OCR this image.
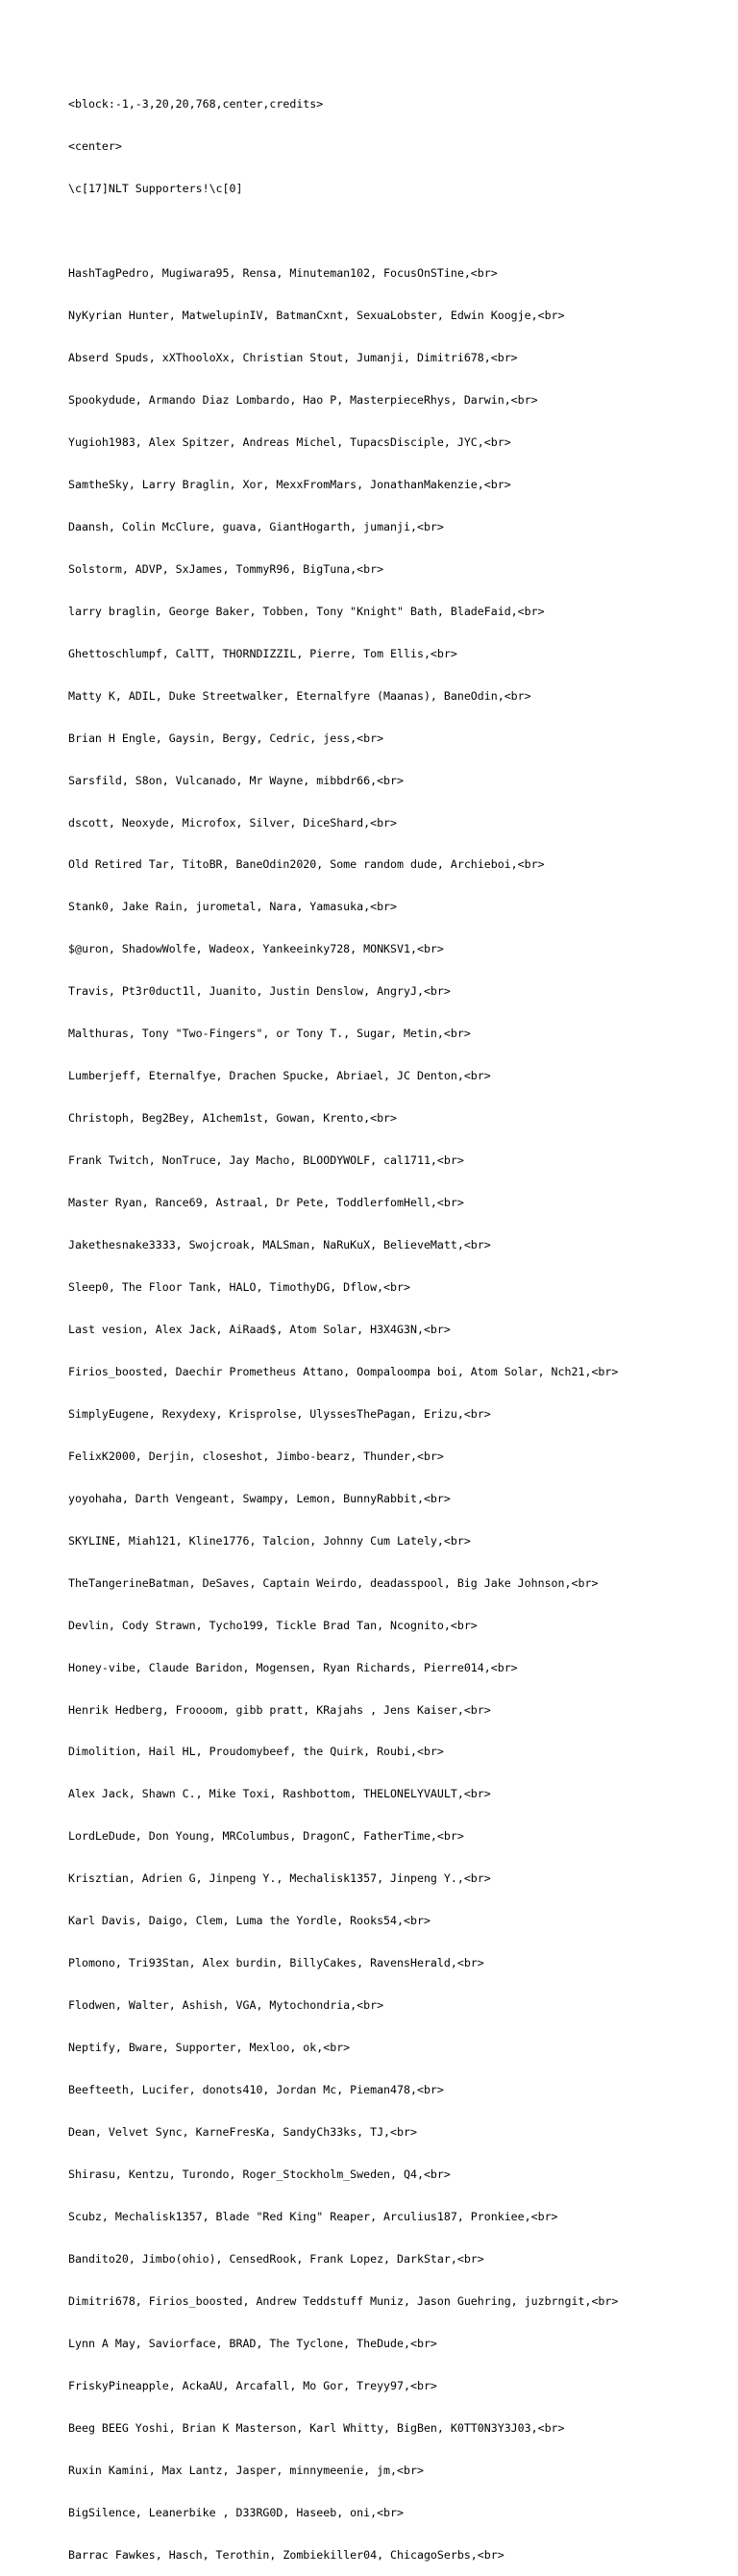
<block:-1,-3,20,20,768,center,credits>

<center>

\c[17]NLT Supporters!\c[0]

HashTagPedro, Mugiwara95, Rensa, Minuteman102, FocusOnSTine,<br>

NyKyrian Hunter, MatwelupinIV, BatmanCxnt, SexuaLobster, Edwin Koogje,<br>

Abserd Spuds, xXThooloXx, Christian Stout, Jumanji, Dimitri678,<br>

Spookydude, Armando Diaz Lombardo, Hao P, MasterpieceRhys, Darwin,<br>

Yugioh1983, Alex Spitzer, Andreas Michel, TupacsDisciple, JYC,<br>

SamtheSky, Larry Braglin, Xor, MexxFromMars, JonathanMakenzie,<br>

Daansh, Colin McClure, guava, GiantHogarth, jumanji,<br>

Solstorm, ADVP, SxJames, TommyR96, BigTuna,<br>

larry braglin, George Baker, Tobben, Tony "Knight" Bath, BladeFaid,<br>

Ghettoschlumpf, CalTT, THORNDIZZIL, Pierre, Tom Ellis,<br>

Matty K, ADIL, Duke Streetwalker, Eternalfyre (Maanas), BaneOdin,<br>

Brian H Engle, Gaysin, Bergy, Cedric, jess,<br>

Sarsfild, S8on, Vulcanado, Mr Wayne, mibbdr66,<br>

dscott, Neoxyde, Microfox, Silver, DiceShard,<br>

Old Retired Tar, TitoBR, BaneOdin2020, Some random dude, Archieboi,<br>

Stank0, Jake Rain, jurometal, Nara, Yamasuka,<br>

$@uron, ShadowWolfe, Wadeox, Yankeeinky728, MONKSV1,<br>

Travis, Pt3r0duct1l, Juanito, Justin Denslow, AngryJ,<br>

Malthuras, Tony "Two-Fingers", or Tony T., Sugar, Metin,<br>

Lumberjeff, Eternalfye, Drachen Spucke, Abriael, JC Denton,<br>

Christoph, Beg2Bey, A1chem1st, Gowan, Krento,<br>

Frank Twitch, NonTruce, Jay Macho, BLOODYWOLF, cal1711,<br>

Master Ryan, Rance69, Astraal, Dr Pete, ToddlerfomHell,<br>

Jakethesnake3333, Swojcroak, MALSman, NaRuKuX, BelieveMatt,<br>

Sleep0, The Floor Tank, HALO, TimothyDG, Dflow,<br>

Last vesion, Alex Jack, AiRaad$, Atom Solar, H3X4G3N,<br>

Firios_boosted, Daechir Prometheus Attano, Oompaloompa boi, Atom Solar, Nch21,<br>

SimplyEugene, Rexydexy, Krisprolse, UlyssesThePagan, Erizu,<br>

FelixK2000, Derjin, closeshot, Jimbo-bearz, Thunder,<br>

yoyohaha, Darth Vengeant, Swampy, Lemon, BunnyRabbit,<br>

SKYLINE, Miah121, Kline1776, Talcion, Johnny Cum Lately,<br>

TheTangerineBatman, DeSaves, Captain Weirdo, deadasspool, Big Jake Johnson,<br>

Devlin, Cody Strawn, Tycho199, Tickle Brad Tan, Ncognito,<br>

Honey-vibe, Claude Baridon, Mogensen, Ryan Richards, Pierre014,<br>

Henrik Hedberg, Froooom, gibb pratt, KRajahs , Jens Kaiser,<br>

Dimolition, Hail HL, Proudomybeef, the Quirk, Roubi,<br>

Alex Jack, Shawn C., Mike Toxi, Rashbottom, THELONELYVAULT,<br>

LordLeDude, Don Young, MRColumbus, DragonC, FatherTime,<br>

Krisztian, Adrien G, Jinpeng Y., Mechalisk1357, Jinpeng Y.,<br>

Karl Davis, Daigo, Clem, Luma the Yordle, Rooks54,<br>

Plomono, Tri93Stan, Alex burdin, BillyCakes, RavensHerald,<br>

Flodwen, Walter, Ashish, VGA, Mytochondria,<br>

Neptify, Bware, Supporter, Mexloo, ok,<br>

Beefteeth, Lucifer, donots410, Jordan Mc, Pieman478,<br>

Dean, Velvet Sync, KarneFresKa, SandyCh33ks, TJ,<br>

Shirasu, Kentzu, Turondo, Roger_Stockholm_Sweden, Q4,<br>

Scubz, Mechalisk1357, Blade "Red King" Reaper, Arculius187, Pronkiee,<br>

Bandito20, Jimbo(ohio), CensedRook, Frank Lopez, DarkStar,<br>

Dimitri678, Firios_boosted, Andrew Teddstuff Muniz, Jason Guehring, juzbrngit,<br>

Lynn A May, Saviorface, BRAD, The Tyclone, TheDude,<br>

FriskyPineapple, AckaAU, Arcafall, Mo Gor, Treyy97,<br>

Beeg BEEG Yoshi, Brian K Masterson, Karl Whitty, BigBen, K0TT0N3Y3J03,<br>

Ruxin Kamini, Max Lantz, Jasper, minnymeenie, jm,<br>

BigSilence, Leanerbike , D33RG0D, Haseeb, oni,<br>

Barrac Fawkes, Hasch, Terothin, Zombiekiller04, ChicagoSerbs,<br>
